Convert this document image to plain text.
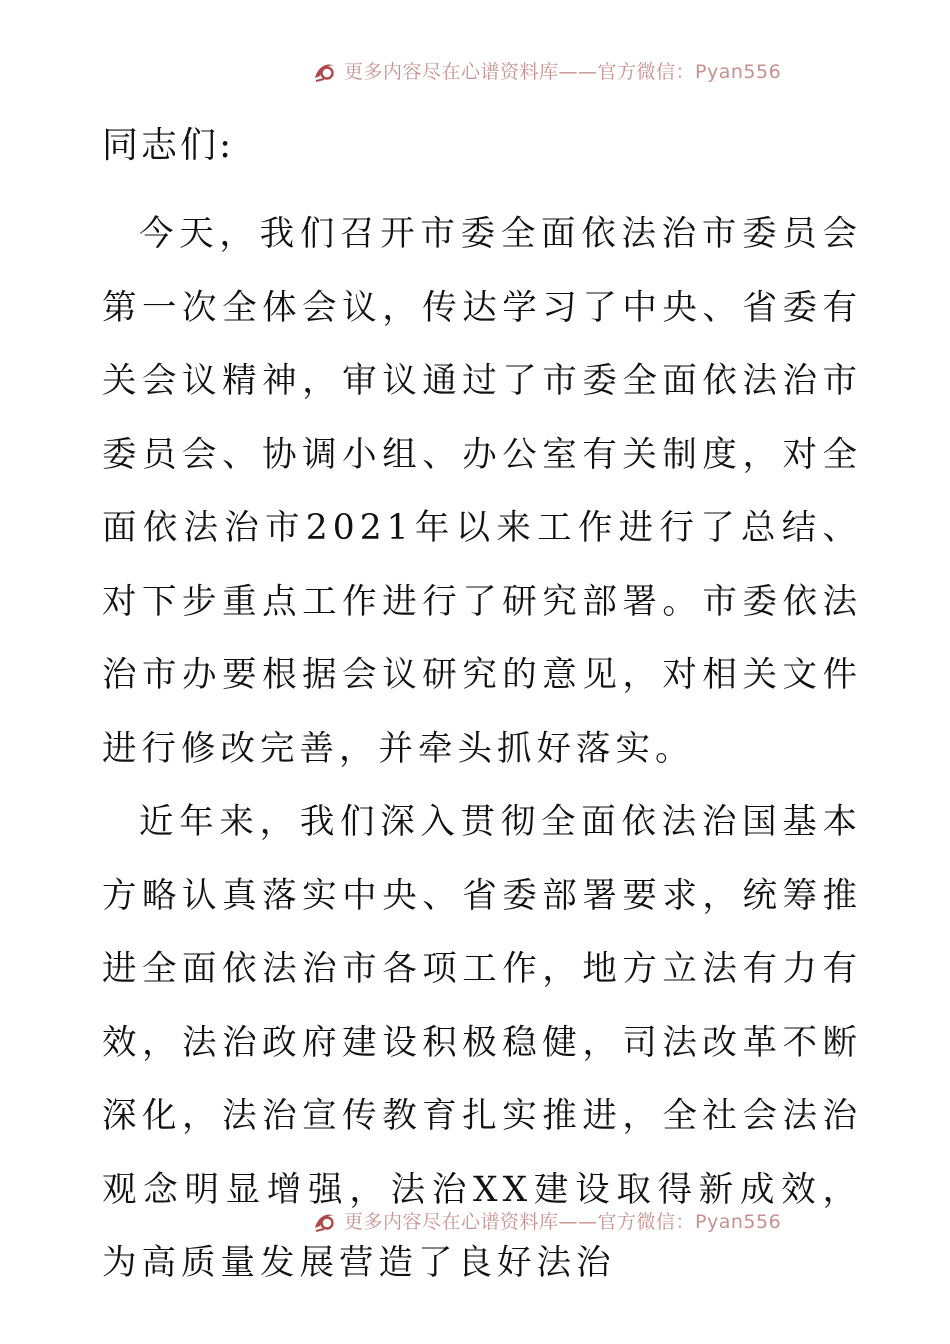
更多内容尽在心谱资料库——官方微信：Pyan556
同志们:

今天，我们召开市委全面依法治市委员会第一次全体会议，传达学习了中央、省委有关会议精神，审议通过了市委全面依法治市委员会、协调小组、办公室有关制度，对全面依法治市2021年以来工作进行了总结、对下步重点工作进行了研究部署。市委依法治市办要根据会议研究的意见，对相关文件进行修改完善，并牵头抓好落实。

近年来，我们深入贯彻全面依法治国基本方略认真落实中央、省委部署要求，统筹推进全面依法治市各项工作，地方立法有力有效，法治政府建设积极稳健，司法改革不断深化，法治宣传教育扎实推进，全社会法治观念明显增强，法治XX建设取得新成效，为高质量发展营造了良好法治

更多内容尽在心谱资料库——官方微信：Pyan556
